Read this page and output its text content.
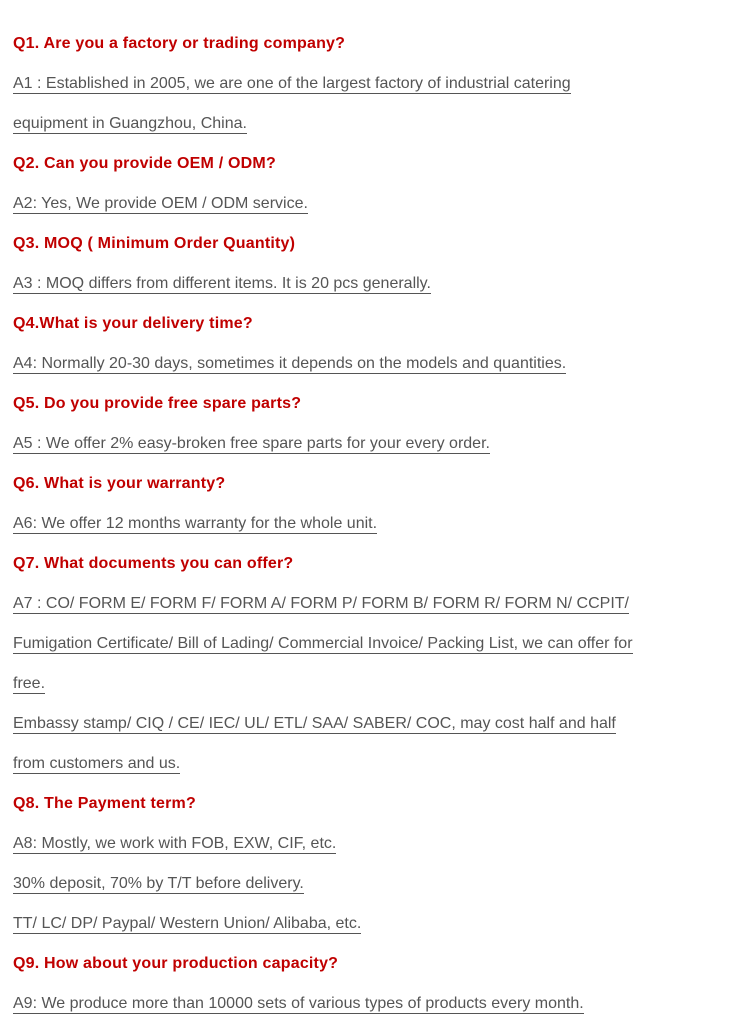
Q1. Are you a factory or trading company?
A1 : Established in 2005, we are one of the largest factory of industrial catering
equipment in Guangzhou, China.
Q2. Can you provide OEM / ODM?
A2: Yes, We provide OEM / ODM service.
Q3. MOQ ( Minimum Order Quantity)
A3 : MOQ differs from different items. It is 20 pcs generally.
Q4.What is your delivery time?
A4: Normally 20-30 days, sometimes it depends on the models and quantities.
Q5. Do you provide free spare parts?
A5 : We offer 2% easy-broken free spare parts for your every order.
Q6. What is your warranty?
A6: We offer 12 months warranty for the whole unit.
Q7. What documents you can offer?
A7 : CO/ FORM E/ FORM F/ FORM A/ FORM P/ FORM B/ FORM R/ FORM N/ CCPIT/
Fumigation Certificate/ Bill of Lading/ Commercial Invoice/ Packing List, we can offer for
free.
Embassy stamp/ CIQ / CE/ IEC/ UL/ ETL/ SAA/ SABER/ COC, may cost half and half
from customers and us.
Q8. The Payment term?
A8: Mostly, we work with FOB, EXW, CIF, etc.
30% deposit, 70% by T/T before delivery.
TT/ LC/ DP/ Paypal/ Western Union/ Alibaba, etc.
Q9. How about your production capacity?
A9: We produce more than 10000 sets of various types of products every month.
